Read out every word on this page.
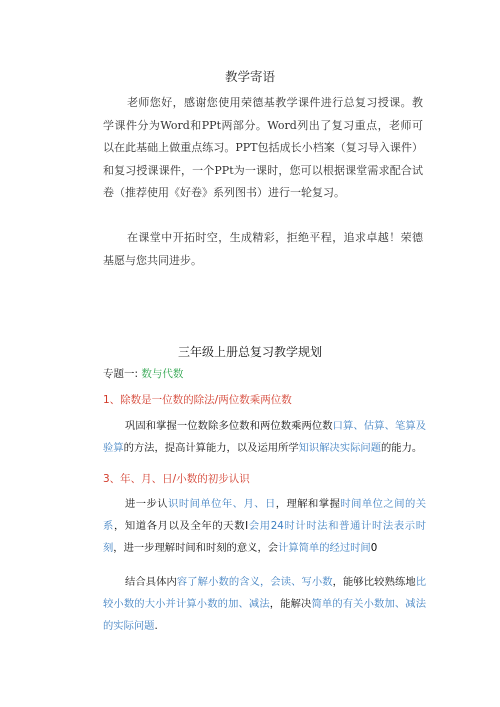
教学寄语
老师您好，感谢您使用荣德基教学课件进行总复习授课。教学课件分为Word和PPt两部分。Word列出了复习重点，老师可以在此基础上做重点练习。PPT包括成长小档案（复习导入课件）和复习授课课件，一个PPt为一课时，您可以根据课堂需求配合试卷（推荐使用《好卷》系列图书）进行一轮复习。
在课堂中开拓时空，生成精彩，拒绝平程，追求卓越！荣德基愿与您共同进步。
三年级上册总复习教学规划
专题一: 数与代数
1、除数是一位数的除法/两位数乘两位数
巩固和掌握一位数除多位数和两位数乘两位数口算、估算、笔算及验算的方法，提高计算能力，以及运用所学知识解决实际问题的能力。
3、年、月、日/小数的初步认识
进一步认识时间单位年、月、日，理解和掌握时间单位之间的关系，知道各月以及全年的天数I会用24时计时法和普通计时法表示时刻，进一步理解时间和时刻的意义，会计算简单的经过时间0
结合具体内容了解小数的含义，会读、写小数，能够比较熟练地比较小数的大小并计算小数的加、减法，能解决简单的有关小数加、减法的实际问题.
